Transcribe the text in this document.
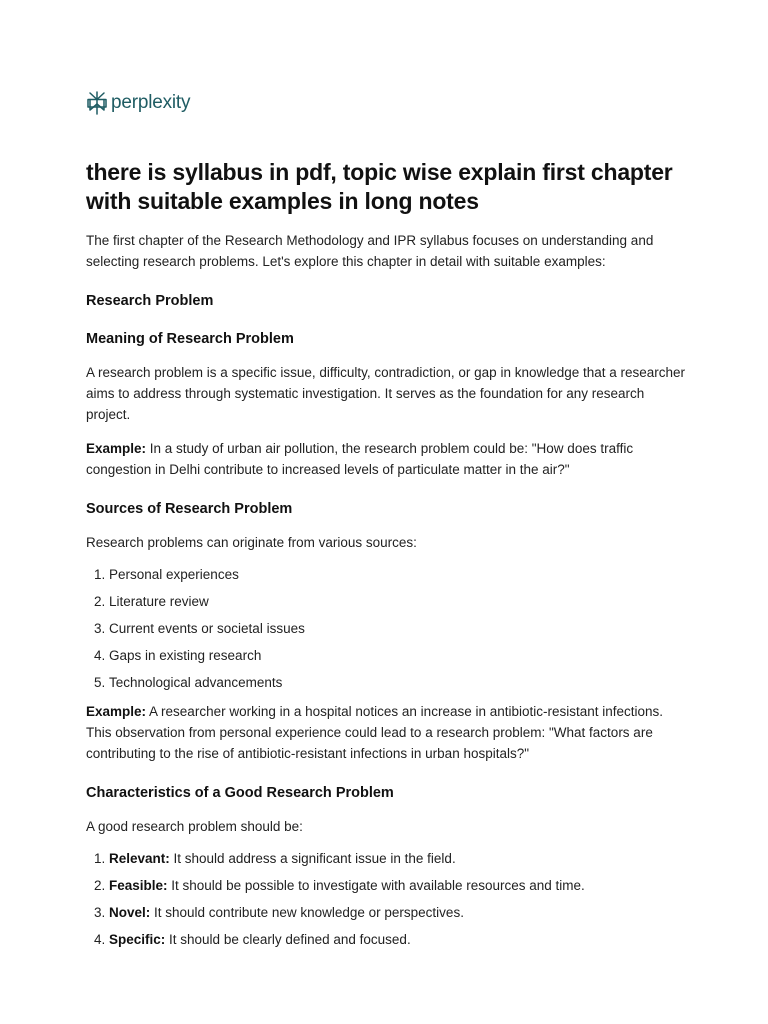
perplexity
there is syllabus in pdf, topic wise explain first chapter with suitable examples in long notes

The first chapter of the Research Methodology and IPR syllabus focuses on understanding and selecting research problems. Let's explore this chapter in detail with suitable examples:

Research Problem
Meaning of Research Problem

A research problem is a specific issue, difficulty, contradiction, or gap in knowledge that a researcher aims to address through systematic investigation. It serves as the foundation for any research project.

Example: In a study of urban air pollution, the research problem could be: "How does traffic congestion in Delhi contribute to increased levels of particulate matter in the air?"

Sources of Research Problem

Research problems can originate from various sources:

1. Personal experiences
2. Literature review
3. Current events or societal issues
4. Gaps in existing research
5. Technological advancements

Example: A researcher working in a hospital notices an increase in antibiotic-resistant infections. This observation from personal experience could lead to a research problem: "What factors are contributing to the rise of antibiotic-resistant infections in urban hospitals?"

Characteristics of a Good Research Problem

A good research problem should be:

1. Relevant: It should address a significant issue in the field.
2. Feasible: It should be possible to investigate with available resources and time.
3. Novel: It should contribute new knowledge or perspectives.
4. Specific: It should be clearly defined and focused.
